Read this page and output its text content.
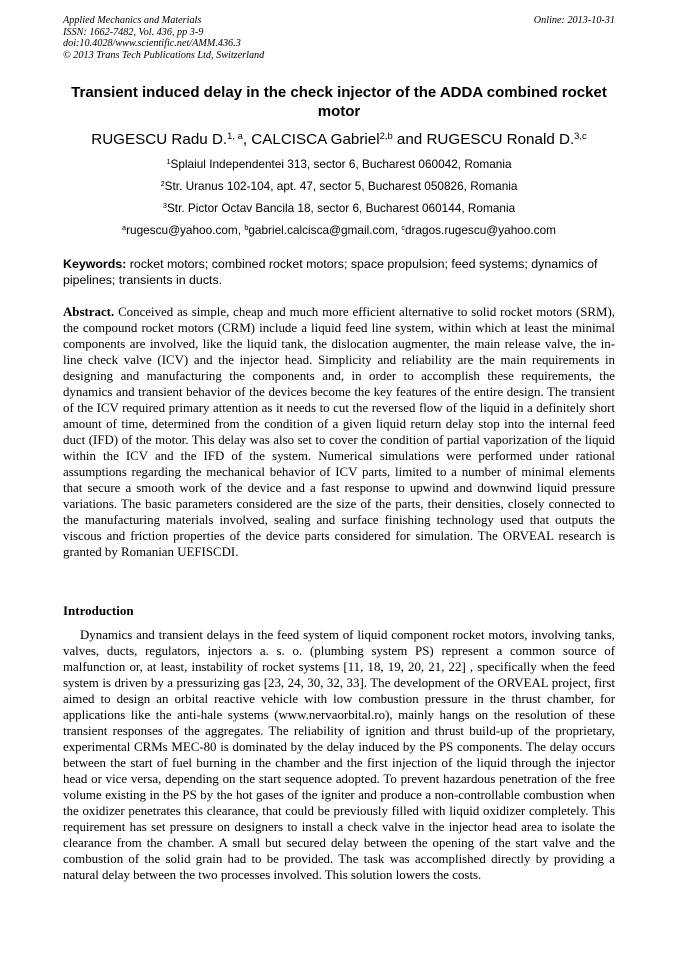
Applied Mechanics and Materials
ISSN: 1662-7482, Vol. 436, pp 3-9
doi:10.4028/www.scientific.net/AMM.436.3
© 2013 Trans Tech Publications Ltd, Switzerland
Online: 2013-10-31
Transient induced delay in the check injector of the ADDA combined rocket motor
RUGESCU Radu D.$^{1, a}$, CALCISCA Gabriel$^{2,b}$ and RUGESCU Ronald D.$^{3,c}$
$^1$Splaiul Independentei 313, sector 6, Bucharest 060042, Romania
$^2$Str. Uranus 102-104, apt. 47, sector 5, Bucharest 050826, Romania
$^3$Str. Pictor Octav Bancila 18, sector 6, Bucharest 060144, Romania
$^a$rugescu@yahoo.com, $^b$gabriel.calcisca@gmail.com, $^c$dragos.rugescu@yahoo.com
Keywords: rocket motors; combined rocket motors; space propulsion; feed systems; dynamics of pipelines; transients in ducts.
Abstract. Conceived as simple, cheap and much more efficient alternative to solid rocket motors (SRM), the compound rocket motors (CRM) include a liquid feed line system, within which at least the minimal components are involved, like the liquid tank, the dislocation augmenter, the main release valve, the in-line check valve (ICV) and the injector head. Simplicity and reliability are the main requirements in designing and manufacturing the components and, in order to accomplish these requirements, the dynamics and transient behavior of the devices become the key features of the entire design. The transient of the ICV required primary attention as it needs to cut the reversed flow of the liquid in a definitely short amount of time, determined from the condition of a given liquid return delay stop into the internal feed duct (IFD) of the motor. This delay was also set to cover the condition of partial vaporization of the liquid within the ICV and the IFD of the system. Numerical simulations were performed under rational assumptions regarding the mechanical behavior of ICV parts, limited to a number of minimal elements that secure a smooth work of the device and a fast response to upwind and downwind liquid pressure variations. The basic parameters considered are the size of the parts, their densities, closely connected to the manufacturing materials involved, sealing and surface finishing technology used that outputs the viscous and friction properties of the device parts considered for simulation. The ORVEAL research is granted by Romanian UEFISCDI.
Introduction
Dynamics and transient delays in the feed system of liquid component rocket motors, involving tanks, valves, ducts, regulators, injectors a. s. o. (plumbing system PS) represent a common source of malfunction or, at least, instability of rocket systems [11, 18, 19, 20, 21, 22] , specifically when the feed system is driven by a pressurizing gas [23, 24, 30, 32, 33]. The development of the ORVEAL project, first aimed to design an orbital reactive vehicle with low combustion pressure in the thrust chamber, for applications like the anti-hale systems (www.nervaorbital.ro), mainly hangs on the resolution of these transient responses of the aggregates. The reliability of ignition and thrust build-up of the proprietary, experimental CRMs MEC-80 is dominated by the delay induced by the PS components. The delay occurs between the start of fuel burning in the chamber and the first injection of the liquid through the injector head or vice versa, depending on the start sequence adopted. To prevent hazardous penetration of the free volume existing in the PS by the hot gases of the igniter and produce a non-controllable combustion when the oxidizer penetrates this clearance, that could be previously filled with liquid oxidizer completely. This requirement has set pressure on designers to install a check valve in the injector head area to isolate the clearance from the chamber. A small but secured delay between the opening of the start valve and the combustion of the solid grain had to be provided. The task was accomplished directly by providing a natural delay between the two processes involved. This solution lowers the costs.
